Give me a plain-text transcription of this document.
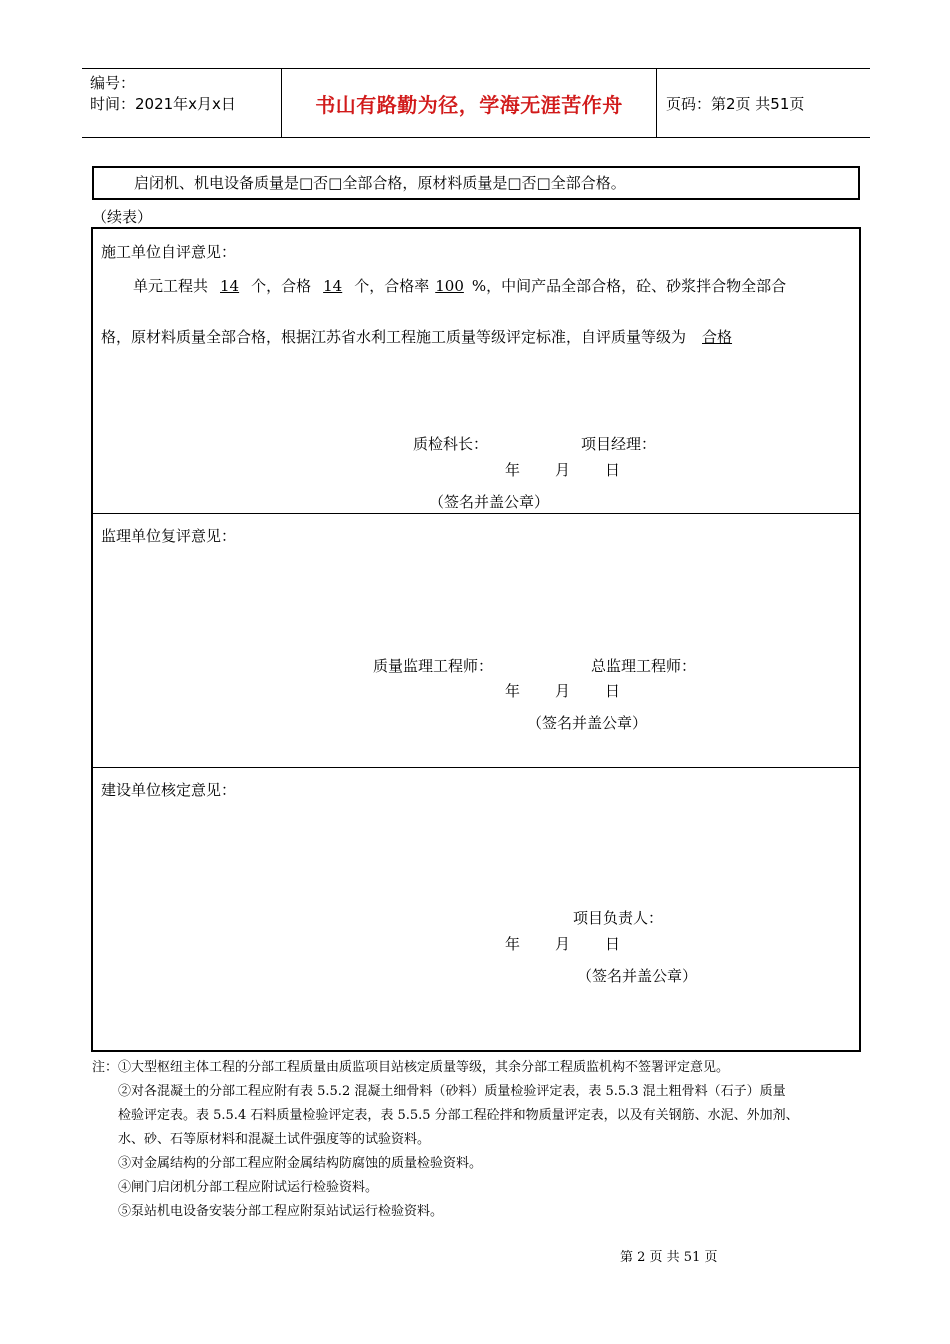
编号：
时间：2021年x月x日	书山有路勤为径，学海无涯苦作舟	页码：第2页 共51页
启闭机、机电设备质量是□否□全部合格，原材料质量是□否□全部合格。
（续表）
施工单位自评意见：
单元工程共 14 个，合格 14 个，合格率 100 %，中间产品全部合格，砼、砂浆拌合物全部合
格，原材料质量全部合格，根据江苏省水利工程施工质量等级评定标准，自评质量等级为 合格
质检科长：	项目经理：
年 月 日
（签名并盖公章）
监理单位复评意见：
质量监理工程师：	总监理工程师：
年 月 日
（签名并盖公章）
建设单位核定意见：
项目负责人：
年 月 日
（签名并盖公章）
注：①大型枢纽主体工程的分部工程质量由质监项目站核定质量等级，其余分部工程质监机构不签署评定意见。
②对各混凝土的分部工程应附有表 5.5.2 混凝土细骨料（砂料）质量检验评定表，表 5.5.3 混土粗骨料（石子）质量
检验评定表。表 5.5.4 石料质量检验评定表，表 5.5.5 分部工程砼拌和物质量评定表，以及有关钢筋、水泥、外加剂、
水、砂、石等原材料和混凝土试件强度等的试验资料。
③对金属结构的分部工程应附金属结构防腐蚀的质量检验资料。
④闸门启闭机分部工程应附试运行检验资料。
⑤泵站机电设备安装分部工程应附泵站试运行检验资料。
第 2 页 共 51 页
